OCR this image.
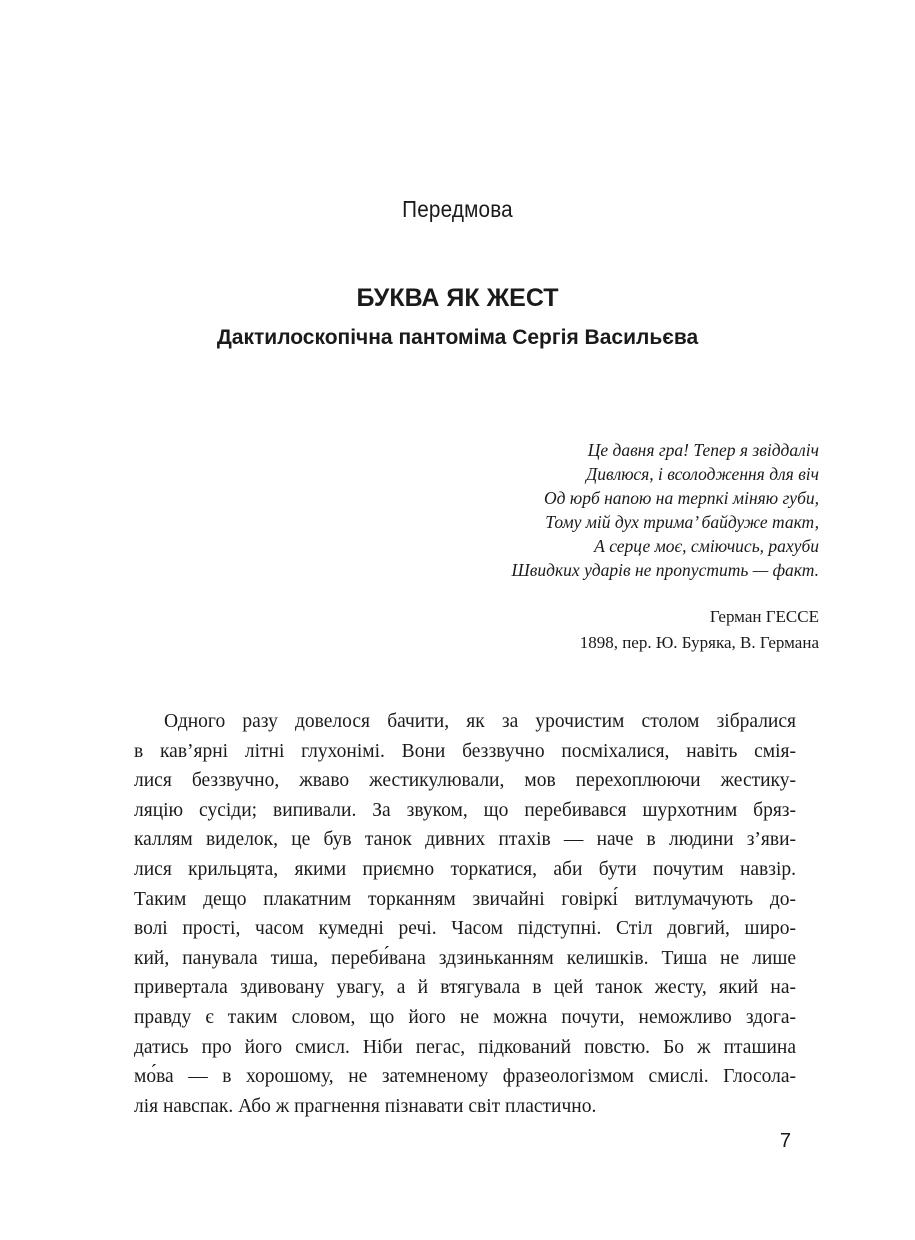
Передмова
БУКВА ЯК ЖЕСТ
Дактилоскопічна пантоміма Сергія Васильєва
Це давня гра! Тепер я звіддаліч
Дивлюся, і всолодження для віч
Од юрб напою на терпкі міняю губи,
Тому мій дух трима’ байдуже такт,
А серце моє, сміючись, рахуби
Швидких ударів не пропустить — факт.
Герман ГЕССЕ
1898, пер. Ю. Буряка, В. Германа
Одного разу довелося бачити, як за урочистим столом зібралися
в кав’ярні літні глухонімі. Вони беззвучно посміхалися, навіть смія-
лися беззвучно, жваво жестикулювали, мов перехоплюючи жестику-
ляцію сусіди; випивали. За звуком, що перебивався шурхотним бряз-
каллям виделок, це був танок дивних птахів — наче в людини з’яви-
лися крильцята, якими приємно торкатися, аби бути почутим навзір.
Таким дещо плакатним торканням звичайні говіркі́ витлумачують до-
волі прості, часом кумедні речі. Часом підступні. Стіл довгий, широ-
кий, панувала тиша, переби́вана здзиньканням келишків. Тиша не лише
привертала здивовану увагу, а й втягувала в цей танок жесту, який на-
правду є таким словом, що його не можна почути, неможливо здога-
датись про його смисл. Ніби пегас, підкований повстю. Бо ж пташина
мо́ва — в хорошому, не затемненому фразеологізмом смислі. Глосола-
лія навспак. Або ж прагнення пізнавати світ пластично.
7
